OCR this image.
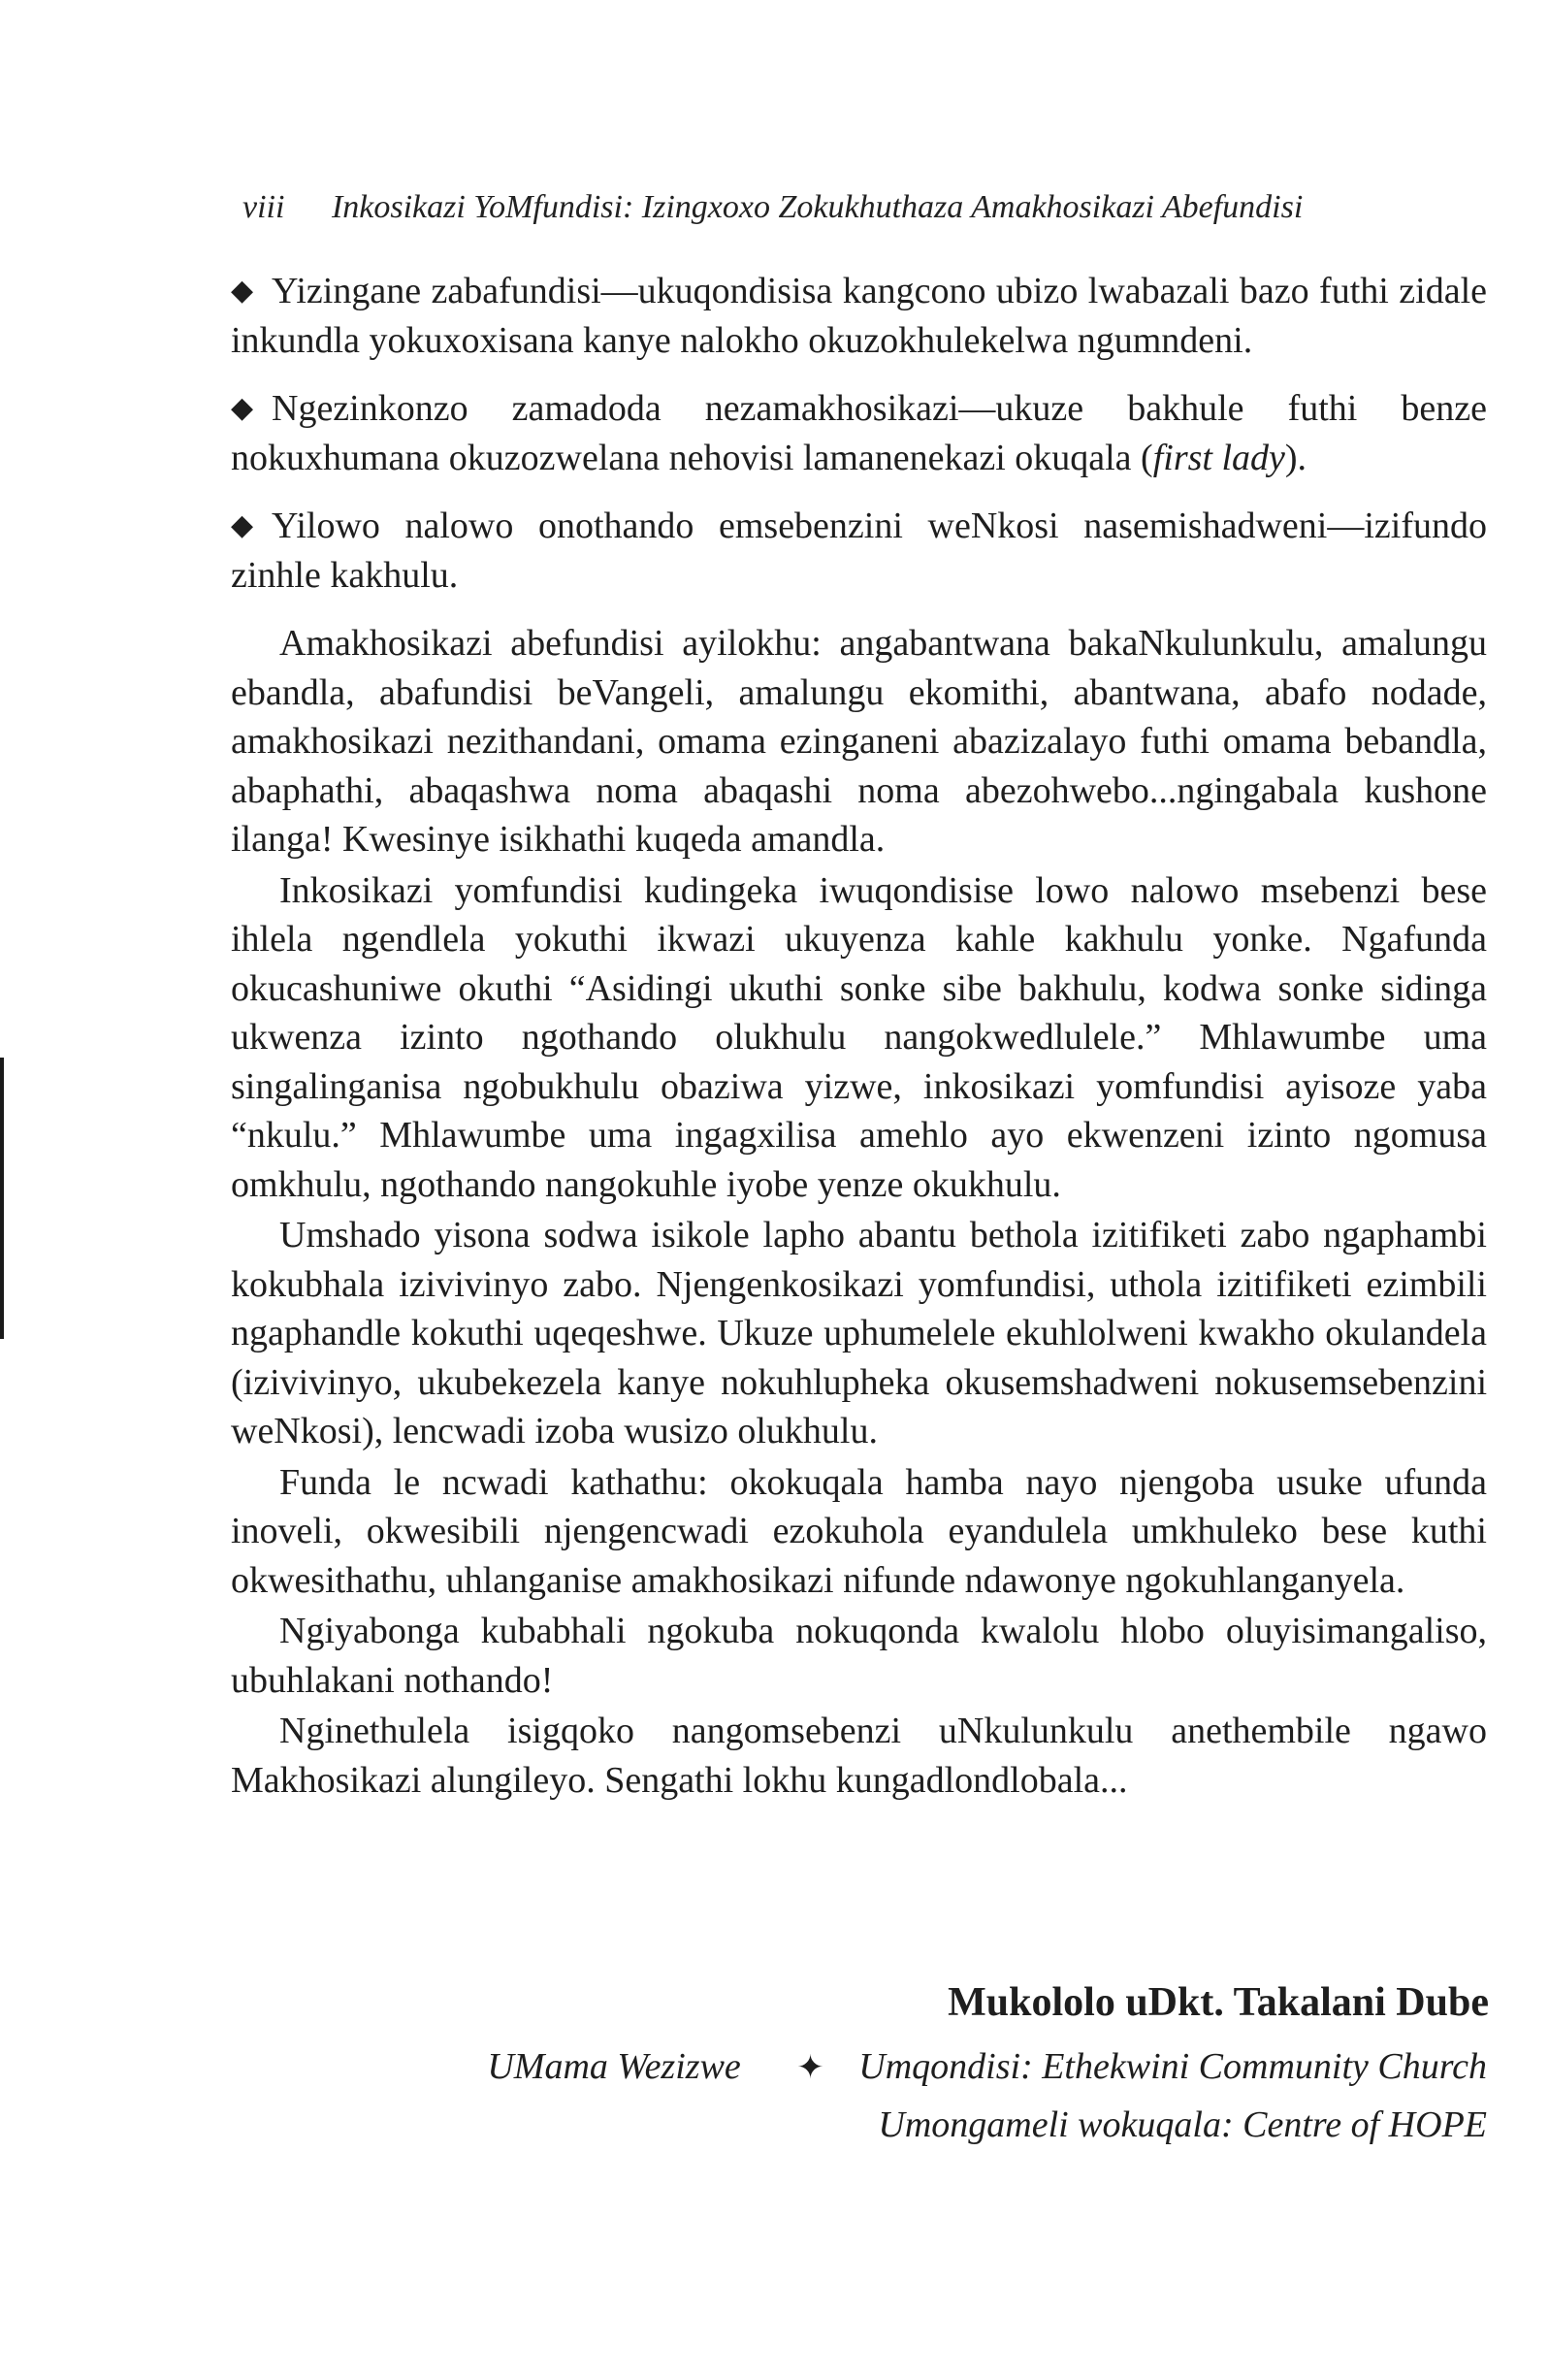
viii Inkosikazi YoMfundisi: Izingxoxo Zokukhuthaza Amakhosikazi Abefundisi
◆ Yizingane zabafundisi—ukuqondisisa kangcono ubizo lwabazali bazo futhi zidale inkundla yokuxoxisana kanye nalokho okuzokhulekelwa ngumndeni.
◆ Ngezinkonzo zamadoda nezamakhosikazi—ukuze bakhule futhi benze nokuxhumana okuzozwelana nehovisi lamanenekazi okuqala (first lady).
◆ Yilowo nalowo onothando emsebenzini weNkosi nasemishadweni—izifundo zinhle kakhulu.

Amakhosikazi abefundisi ayilokhu: angabantwana bakaNkulunkulu, amalungu ebandla, abafundisi beVangeli, amalungu ekomithi, abantwana, abafo nodade, amakhosikazi nezithandani, omama ezinganeni abazizalayo futhi omama bebandla, abaphathi, abaqashwa noma abaqashi noma abezohwebo...ngingabala kushone ilanga! Kwesinye isikhathi kuqeda amandla.

Inkosikazi yomfundisi kudingeka iwuqondisise lowo nalowo msebenzi bese ihlela ngendlela yokuthi ikwazi ukuyenza kahle kakhulu yonke. Ngafunda okucashuniwe okuthi “Asidingi ukuthi sonke sibe bakhulu, kodwa sonke sidinga ukwenza izinto ngothando olukhulu nangokwedlulele.” Mhlawumbe uma singalinganisa ngobukhulu obaziwa yizwe, inkosikazi yomfundisi ayisoze yaba “nkulu.” Mhlawumbe uma ingagxilisa amehlo ayo ekwenzeni izinto ngomusa omkhulu, ngothando nangokuhle iyobe yenze okukhulu.

Umshado yisona sodwa isikole lapho abantu bethola izitifiketi zabo ngaphambi kokubhala izivivinyo zabo. Njengenkosikazi yomfundisi, uthola izitifiketi ezimbili ngaphandle kokuthi uqeqeshwe. Ukuze uphumelele ekuhlolweni kwakho okulandela (izivivinyo, ukubekezela kanye nokuhlupheka okusemshadweni nokusemsebenzini weNkosi), lencwadi izoba wusizo olukhulu.

Funda le ncwadi kathathu: okokuqala hamba nayo njengoba usuke ufunda inoveli, okwesibili njengencwadi ezokuhola eyandulela umkhuleko bese kuthi okwesithathu, uhlanganise amakhosikazi nifunde ndawonye ngokuhlanganyela.

Ngiyabonga kubabhali ngokuba nokuqonda kwalolu hlobo oluyisimangaliso, ubuhlakani nothando!

Nginethulela isigqoko nangomsebenzi uNkulunkulu anethembile ngawo Makhosikazi alungileyo. Sengathi lokhu kungadlondlobala...

Mukololo uDkt. Takalani Dube
UMama Wezizwe ✦ Umqondisi: Ethekwini Community Church
Umongameli wokuqala: Centre of HOPE
